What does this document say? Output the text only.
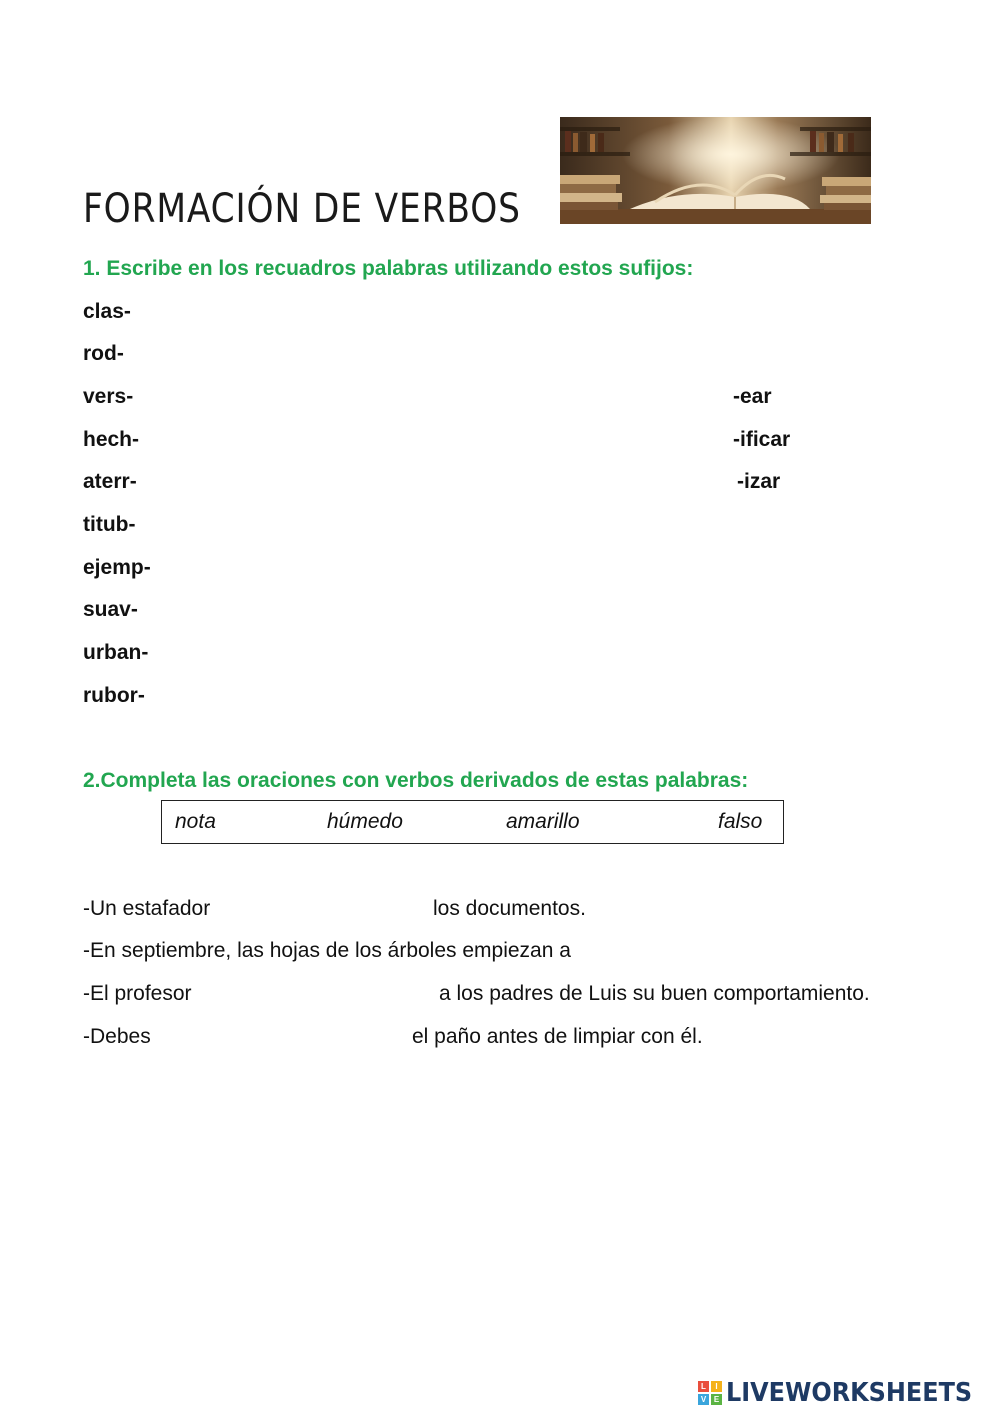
FORMACIÓN DE VERBOS
1. Escribe en los recuadros palabras utilizando estos sufijos:
clas-
rod-
vers-
hech-
aterr-
titub-
ejemp-
suav-
urban-
rubor-
-ear
-ificar
-izar
2.Completa las oraciones con verbos derivados de estas palabras:
nota	húmedo	amarillo	falso
-Un estafador	los documentos.
-En septiembre, las hojas de los árboles empiezan a
-El profesor	a los padres de Luis su buen comportamiento.
-Debes	el paño antes de limpiar con él.
L	I
V E LIVEWORKSHEETS
